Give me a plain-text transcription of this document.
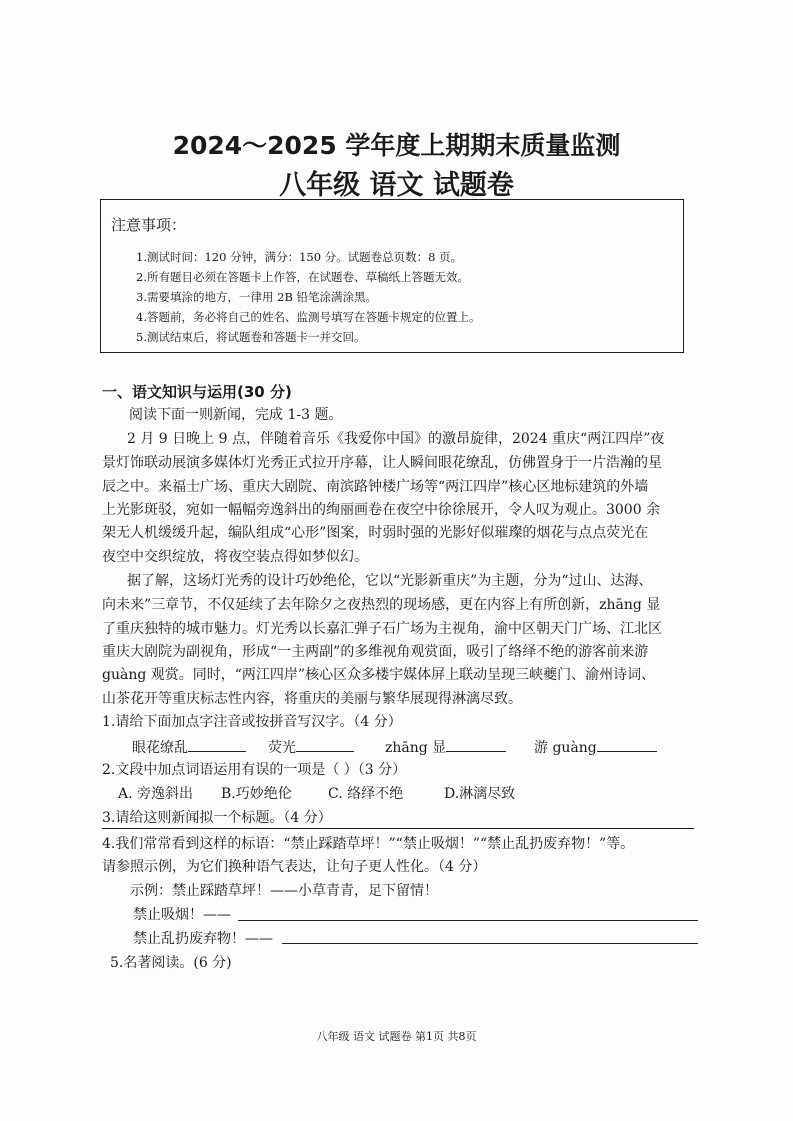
2024～2025 学年度上期期末质量监测
八年级 语文 试题卷
注意事项：
1.测试时间：120 分钟，满分：150 分。试题卷总页数：8 页。
2.所有题目必须在答题卡上作答，在试题卷、草稿纸上答题无效。
3.需要填涂的地方，一律用 2B 铅笔涂满涂黑。
4.答题前，务必将自己的姓名、监测号填写在答题卡规定的位置上。
5.测试结束后，将试题卷和答题卡一并交回。
一、语文知识与运用(30 分)
阅读下面一则新闻，完成 1-3 题。
2 月 9 日晚上 9 点，伴随着音乐《我爱你中国》的激昂旋律，2024 重庆“两江四岸”夜
景灯饰联动展演多媒体灯光秀正式拉开序幕，让人瞬间眼花缭乱，仿佛置身于一片浩瀚的星
辰之中。来福士广场、重庆大剧院、南滨路钟楼广场等“两江四岸”核心区地标建筑的外墙
上光影斑驳，宛如一幅幅旁逸斜出的绚丽画卷在夜空中徐徐展开，令人叹为观止。3000 余
架无人机缓缓升起，编队组成“心形”图案，时弱时强的光影好似璀璨的烟花与点点荧光在
夜空中交织绽放，将夜空装点得如梦似幻。
据了解，这场灯光秀的设计巧妙绝伦，它以“光影新重庆”为主题，分为“过山、达海、
向未来”三章节，不仅延续了去年除夕之夜热烈的现场感，更在内容上有所创新，zhāng 显
了重庆独特的城市魅力。灯光秀以长嘉汇弹子石广场为主视角，渝中区朝天门广场、江北区
重庆大剧院为副视角，形成“一主两副”的多维视角观赏面，吸引了络绎不绝的游客前来游
guàng 观赏。同时，“两江四岸”核心区众多楼宇媒体屏上联动呈现三峡夔门、渝州诗词、
山茶花开等重庆标志性内容，将重庆的美丽与繁华展现得淋漓尽致。
1.请给下面加点字注音或按拼音写汉字。（4 分）
眼花缭乱	荧光	zhāng 显	游 guàng
2.文段中加点词语运用有误的一项是（ ）（3 分）
A. 旁逸斜出 B.巧妙绝伦	C. 络绎不绝	D.淋漓尽致
3.请给这则新闻拟一个标题。（4 分）
4.我们常常看到这样的标语：“禁止踩踏草坪！”“禁止吸烟！”“禁止乱扔废弃物！”等。
请参照示例，为它们换种语气表达，让句子更人性化。（4 分）
示例：禁止踩踏草坪！——小草青青，足下留情！
禁止吸烟！——
禁止乱扔废弃物！——
5.名著阅读。(6 分)
八年级 语文 试题卷 第1页 共8页
